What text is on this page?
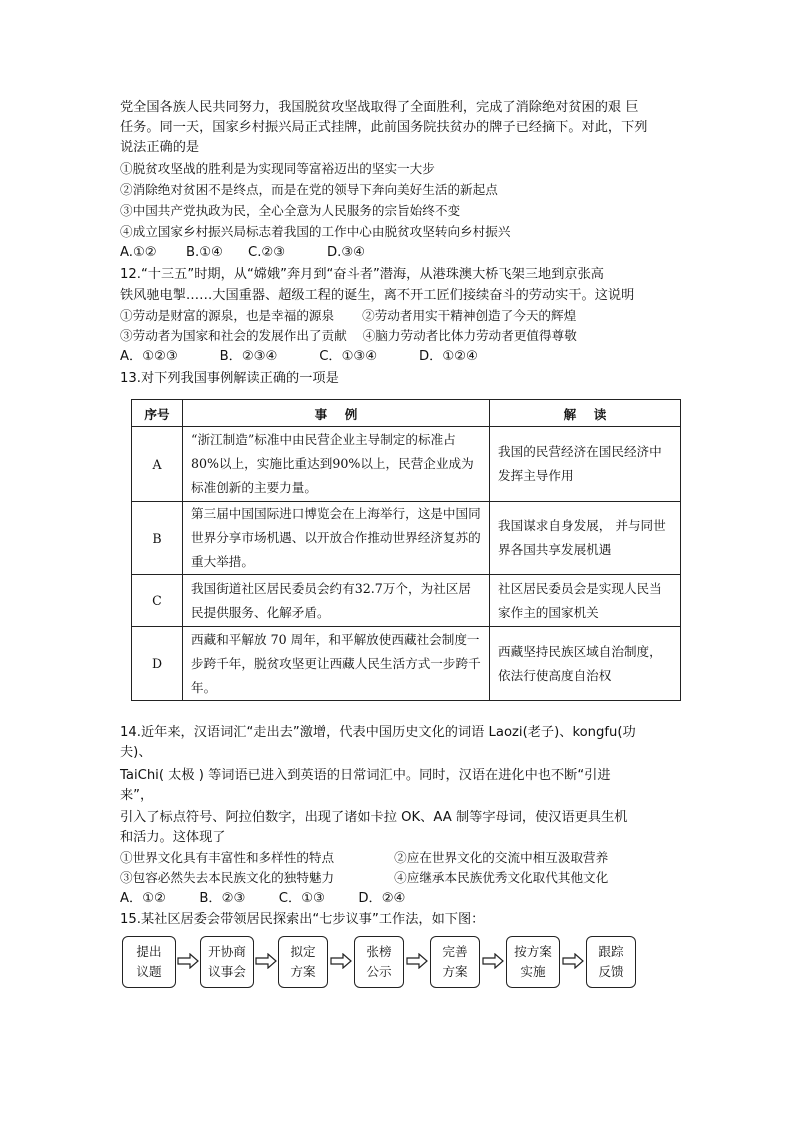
党全国各族人民共同努力，我国脱贫攻坚战取得了全面胜利，完成了消除绝对贫困的艰 巨
任务。同一天，国家乡村振兴局正式挂牌，此前国务院扶贫办的牌子已经摘下。对此，下列
说法正确的是
①脱贫攻坚战的胜利是为实现同等富裕迈出的坚实一大步
②消除绝对贫困不是终点，而是在党的领导下奔向美好生活的新起点
③中国共产党执政为民，全心全意为人民服务的宗旨始终不变
④成立国家乡村振兴局标志着我国的工作中心由脱贫攻坚转向乡村振兴
A.①②       B.①④      C.②③          D.③④
12.“十三五”时期，从“嫦娥”奔月到“奋斗者”潜海，从港珠澳大桥飞架三地到京张高
铁风驰电掣……大国重器、超级工程的诞生，离不开工匠们接续奋斗的劳动实干。这说明
①劳动是财富的源泉，也是幸福的源泉       ②劳动者用实干精神创造了今天的辉煌
③劳动者为国家和社会的发展作出了贡献    ④脑力劳动者比体力劳动者更值得尊敬
A．①②③          B．②③④          C．①③④          D．①②④
13.对下列我国事例解读正确的一项是
序号	事    例	解    读
A	“浙江制造”标准中由民营企业主导制定的标准占80%以上，实施比重达到90%以上，民营企业成为标准创新的主要力量。	我国的民营经济在国民经济中发挥主导作用
B	第三届中国国际进口博览会在上海举行，这是中国同世界分享市场机遇、以开放合作推动世界经济复苏的重大举措。	我国谋求自身发展， 并与同世界各国共享发展机遇
C	我国街道社区居民委员会约有32.7万个，为社区居民提供服务、化解矛盾。	社区居民委员会是实现人民当家作主的国家机关
D	西藏和平解放 70 周年，和平解放使西藏社会制度一步跨千年，脱贫攻坚更让西藏人民生活方式一步跨千年。	西藏坚持民族区域自治制度，依法行使高度自治权
14.近年来，汉语词汇“走出去”激增，代表中国历史文化的词语 Laozi(老子)、kongfu(功
夫)、
TaiChi( 太极 ) 等词语已进入到英语的日常词汇中。同时，汉语在进化中也不断“引进
来”，
引入了标点符号、阿拉伯数字，出现了诸如卡拉 OK、AA 制等字母词，使汉语更具生机
和活力。这体现了
①世界文化具有丰富性和多样性的特点               ②应在世界文化的交流中相互汲取营养
③包容必然失去本民族文化的独特魅力               ④应继承本民族优秀文化取代其他文化
A．①②        B．②③        C．①③        D．②④
15.某社区居委会带领居民探索出“七步议事”工作法，如下图：
提出
议题
开协商
议事会
拟定
方案
张榜
公示
完善
方案
按方案
实施
跟踪
反馈
